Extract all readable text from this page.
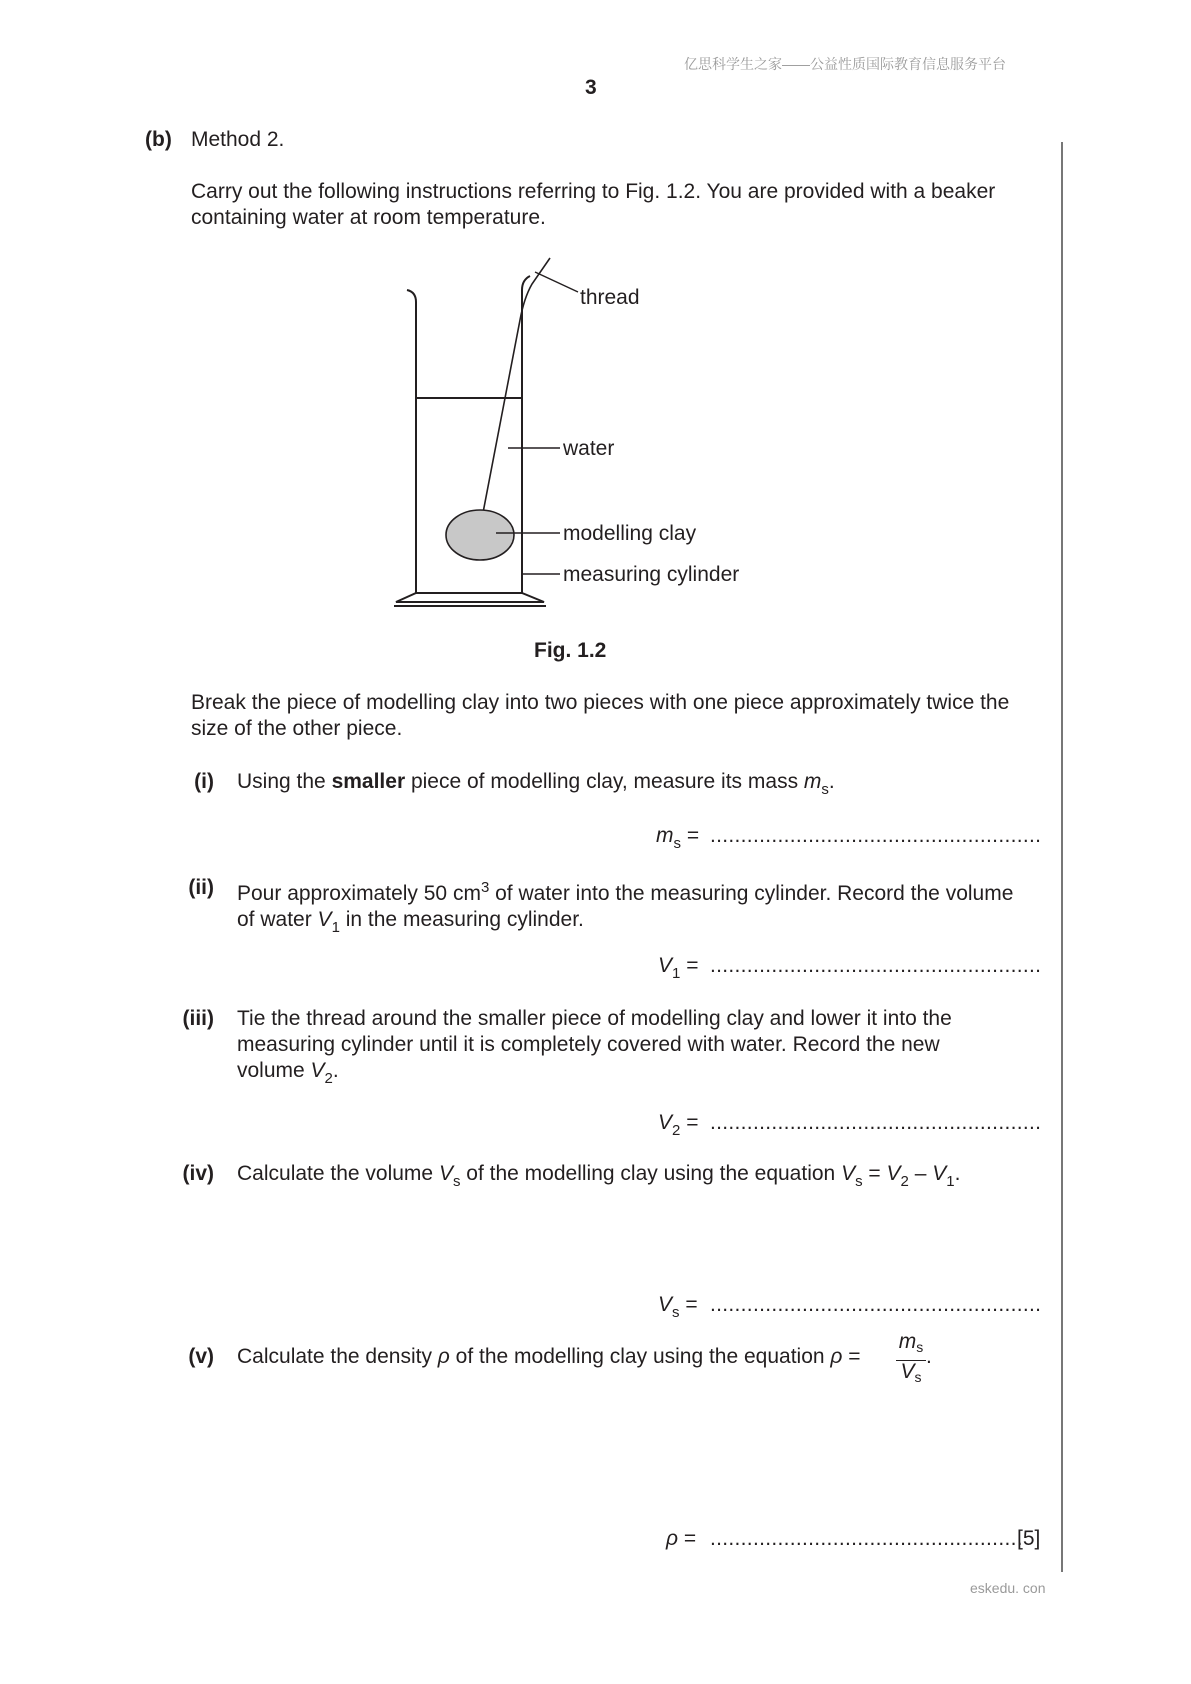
亿思科学生之家——公益性质国际教育信息服务平台
3
(b) Method 2.
Carry out the following instructions referring to Fig. 1.2. You are provided with a beaker
containing water at room temperature.
thread
water
modelling clay
measuring cylinder
Fig. 1.2
Break the piece of modelling clay into two pieces with one piece approximately twice the
size of the other piece.
(i) Using the smaller piece of modelling clay, measure its mass $m_s$.
$m_s$ = ......................................................
(ii) Pour approximately 50 $cm^3$ of water into the measuring cylinder. Record the volume
of water $V_1$ in the measuring cylinder.
$V_1$ = ......................................................
(iii) Tie the thread around the smaller piece of modelling clay and lower it into the
measuring cylinder until it is completely covered with water. Record the new
volume $V_2$.
$V_2$ = ......................................................
(iv) Calculate the volume $V_s$ of the modelling clay using the equation $V_s = V_2 - V_1$.
$V_s$ = ......................................................
(v) Calculate the density ρ of the modelling clay using the equation $\rho = \frac{ms}{Vs}$ .
ρ = ...................................................
[5]
eskedu. con
